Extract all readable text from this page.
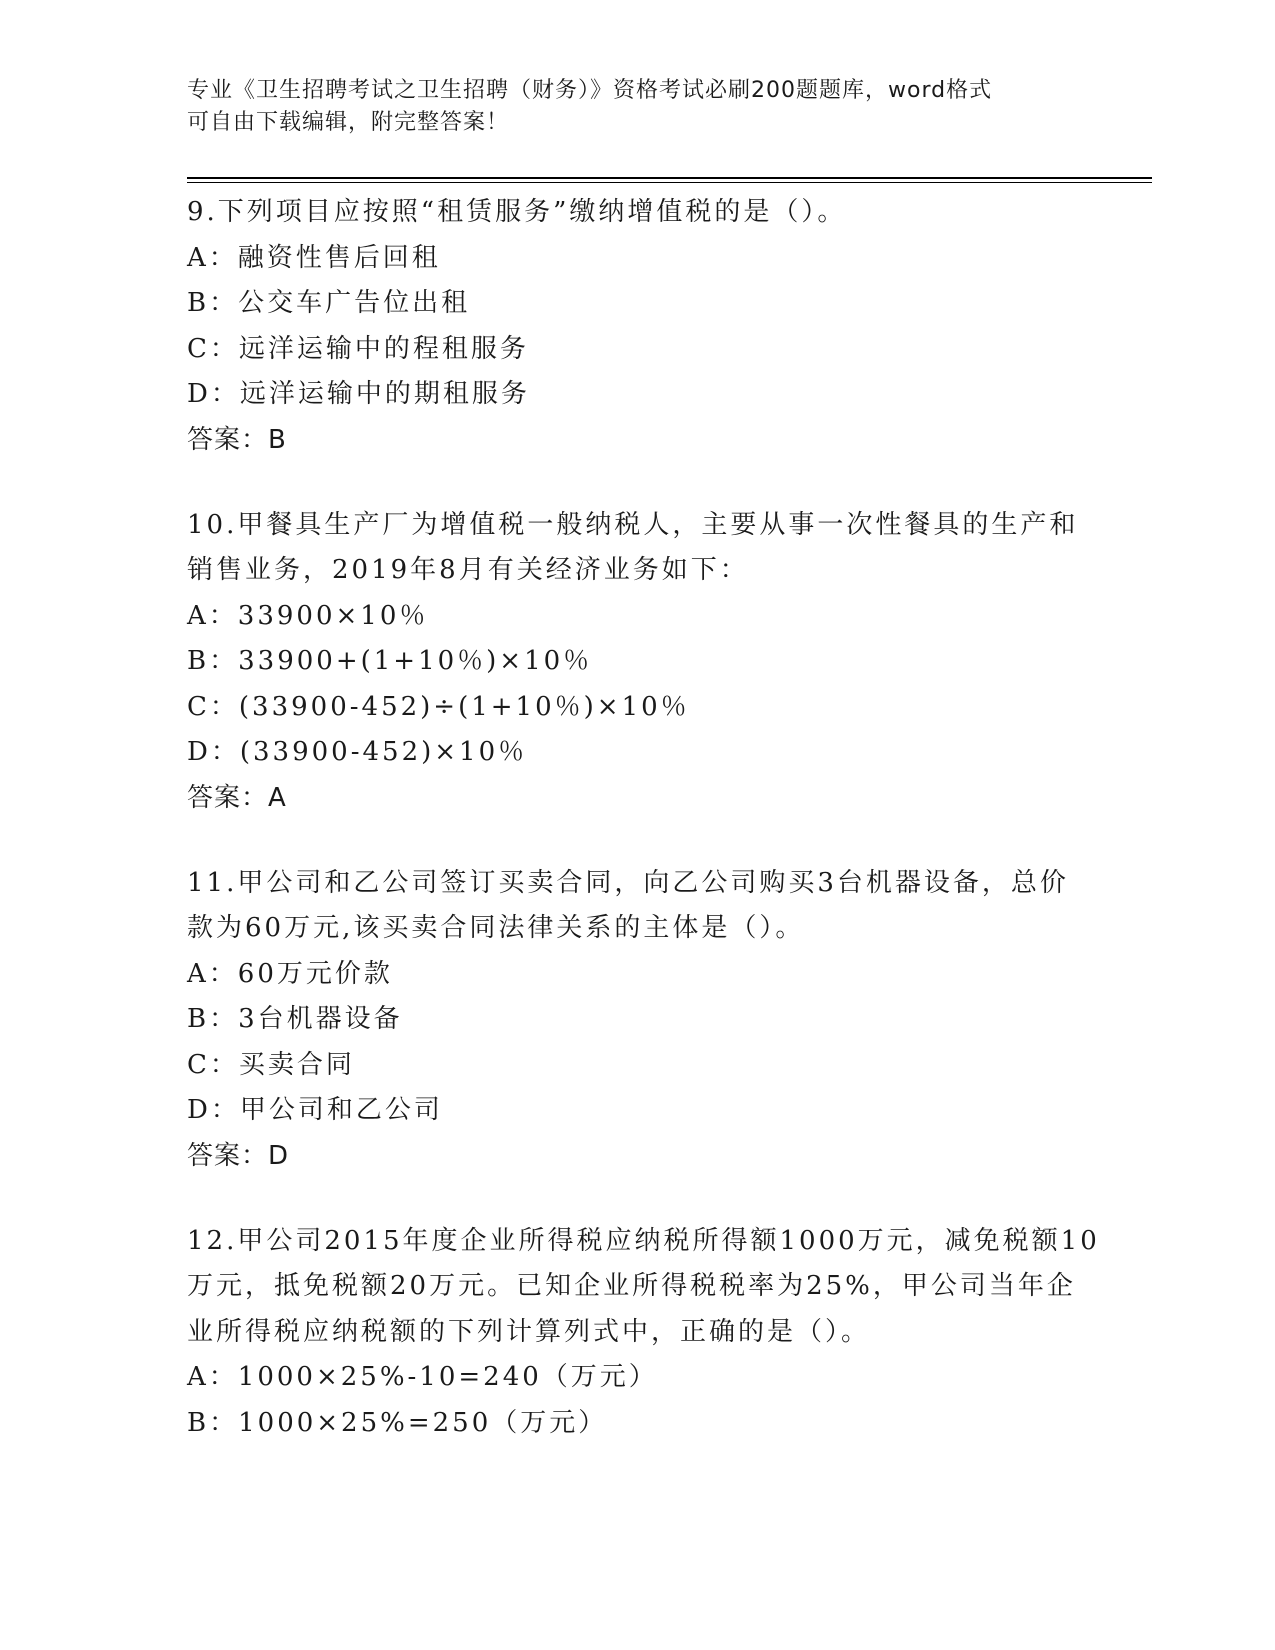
专业《卫生招聘考试之卫生招聘（财务）》资格考试必刷200题题库，word格式
可自由下载编辑，附完整答案！
9.下列项目应按照“租赁服务”缴纳增值税的是（）。
A：融资性售后回租
B：公交车广告位出租
C：远洋运输中的程租服务
D：远洋运输中的期租服务
答案：B
10.甲餐具生产厂为增值税一般纳税人，主要从事一次性餐具的生产和
销售业务，2019年8月有关经济业务如下：
A：33900×10％
B：33900+(1+10％)×10％
C：(33900-452)÷(1+10％)×10％
D：(33900-452)×10％
答案：A
11.甲公司和乙公司签订买卖合同，向乙公司购买3台机器设备，总价
款为60万元,该买卖合同法律关系的主体是（）。
A：60万元价款
B：3台机器设备
C：买卖合同
D：甲公司和乙公司
答案：D
12.甲公司2015年度企业所得税应纳税所得额1000万元，减免税额10
万元，抵免税额20万元。已知企业所得税税率为25%，甲公司当年企
业所得税应纳税额的下列计算列式中，正确的是（）。
A：1000×25%-10=240（万元）
B：1000×25%=250（万元）
